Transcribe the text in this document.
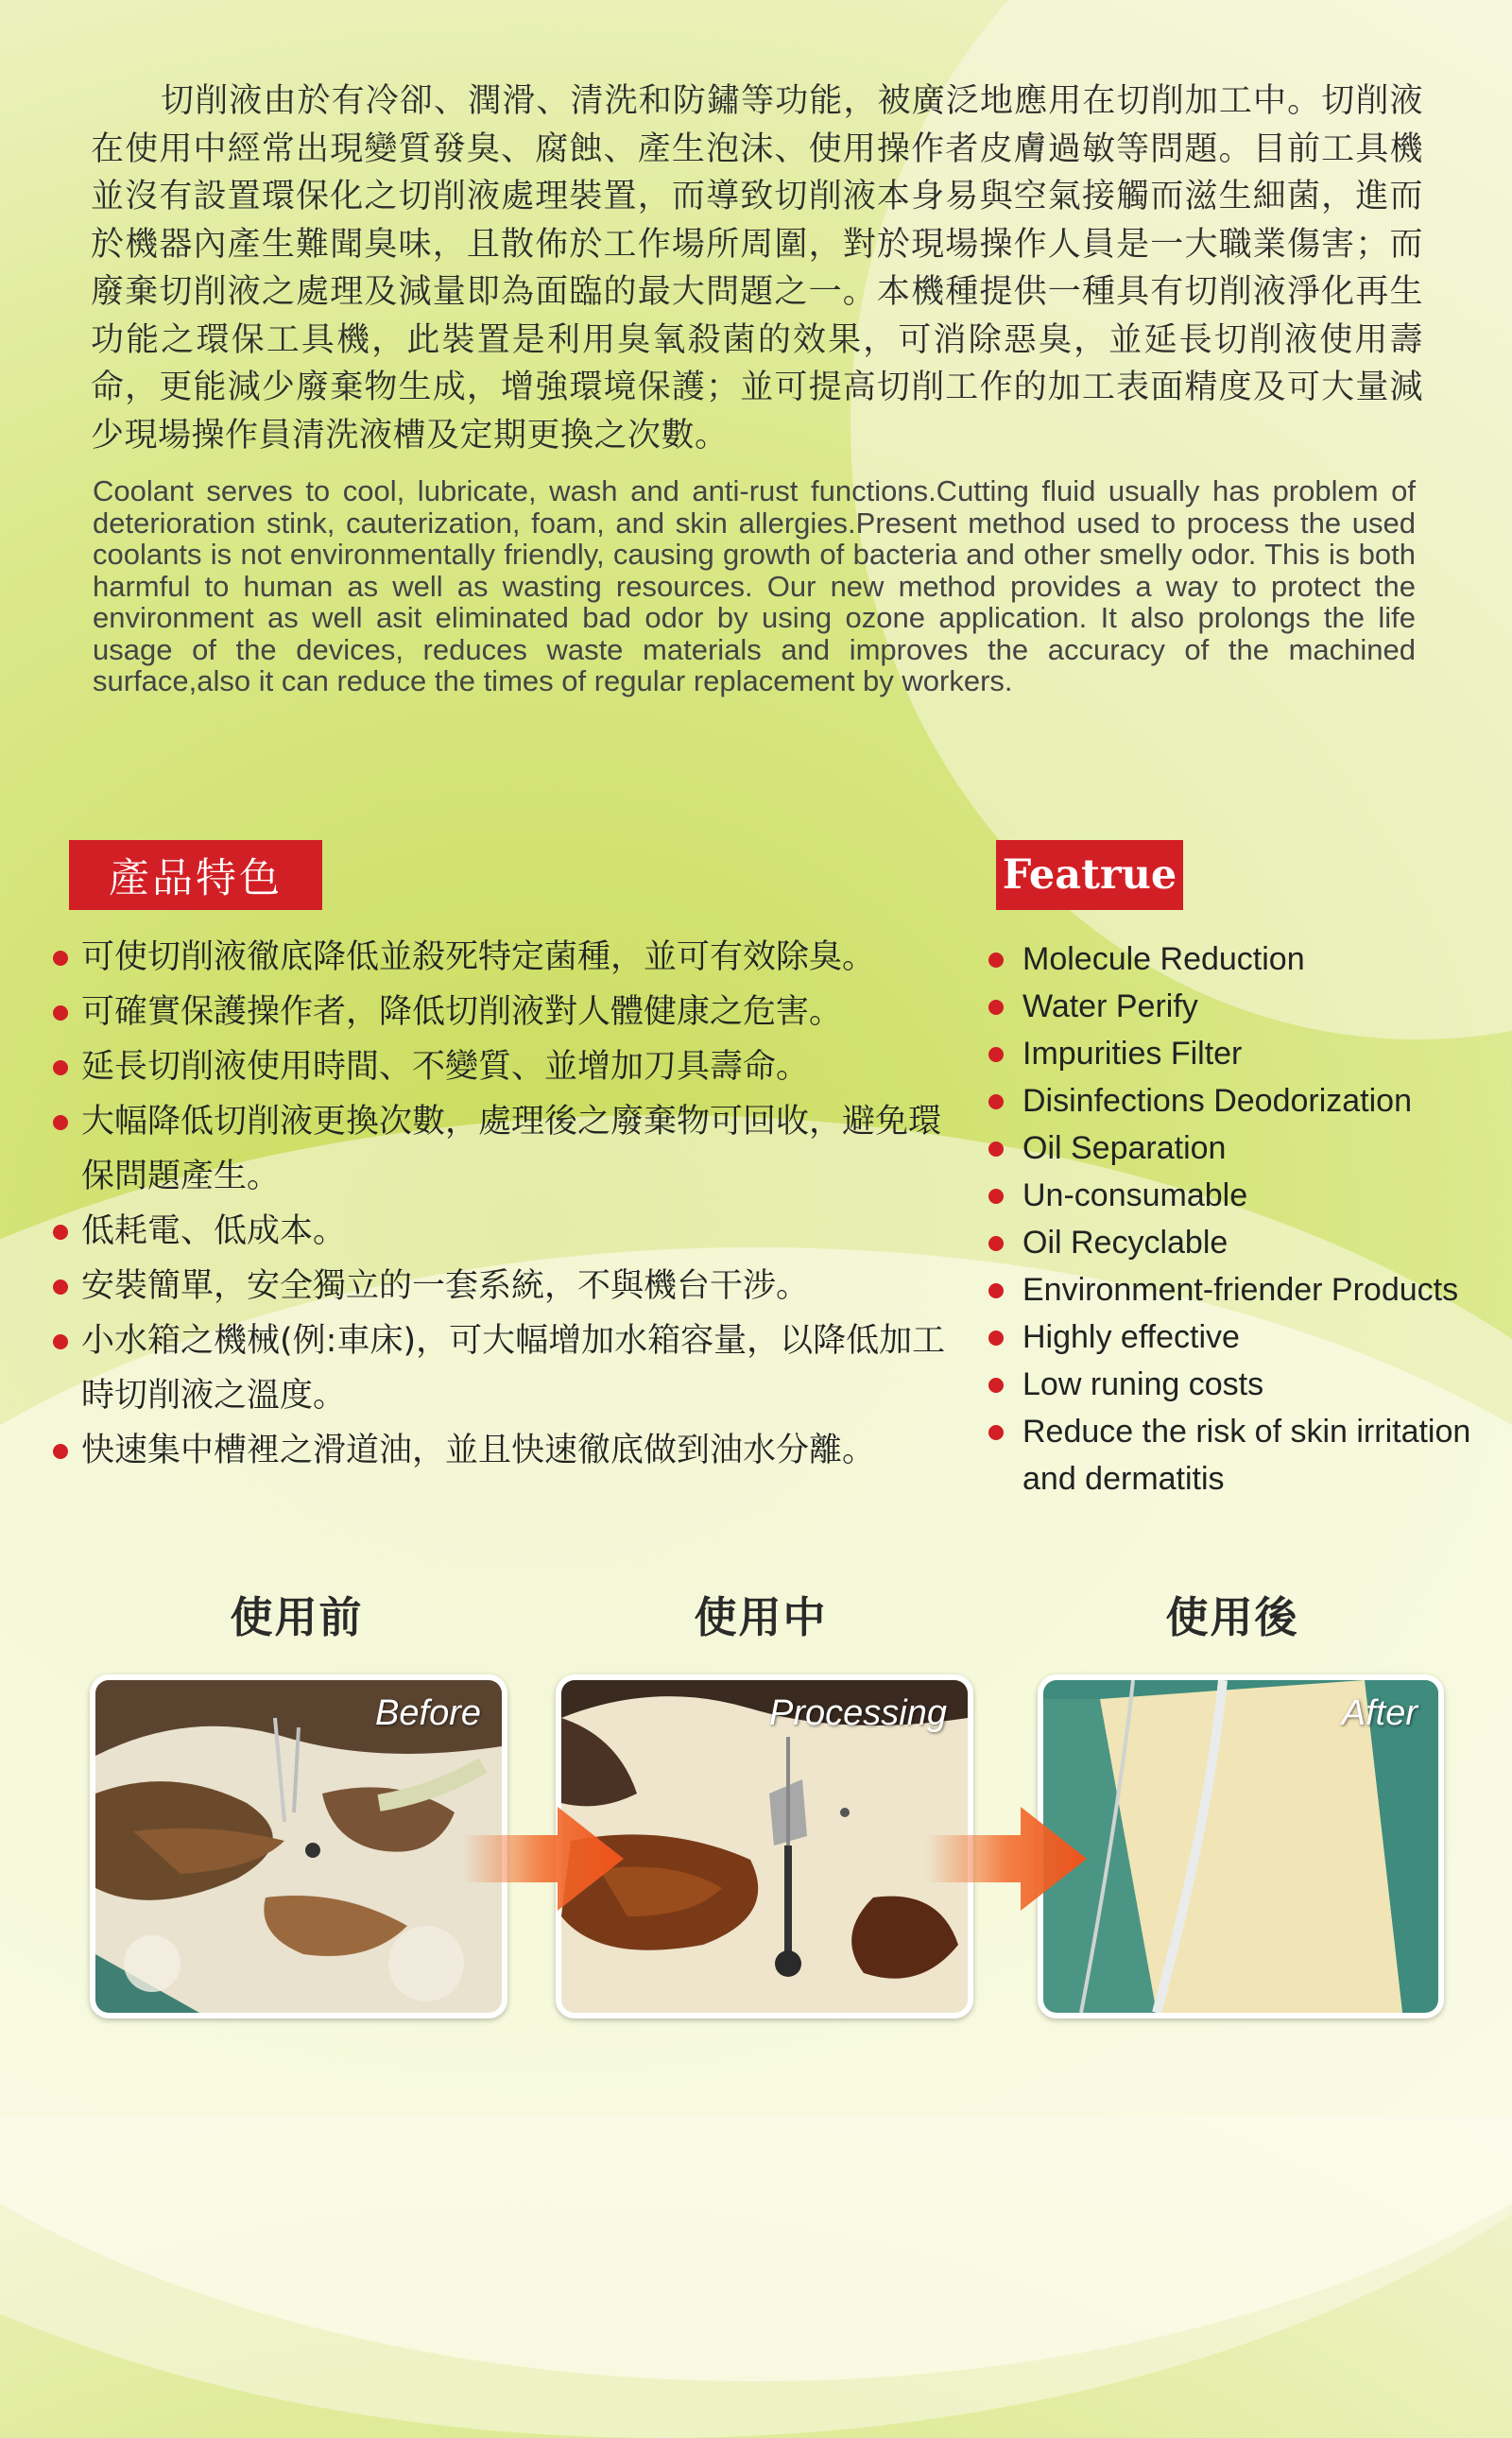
切削液由於有冷卻、潤滑、清洗和防鏽等功能，被廣泛地應用在切削加工中。切削液在使用中經常出現變質發臭、腐蝕、產生泡沫、使用操作者皮膚過敏等問題。目前工具機並沒有設置環保化之切削液處理裝置，而導致切削液本身易與空氣接觸而滋生細菌，進而於機器內產生難聞臭味，且散佈於工作場所周圍，對於現場操作人員是一大職業傷害；而廢棄切削液之處理及減量即為面臨的最大問題之一。本機種提供一種具有切削液淨化再生功能之環保工具機，此裝置是利用臭氧殺菌的效果，可消除惡臭，並延長切削液使用壽命，更能減少廢棄物生成，增強環境保護；並可提高切削工作的加工表面精度及可大量減少現場操作員清洗液槽及定期更換之次數。

Coolant serves to cool, lubricate, wash and anti-rust functions.Cutting fluid usually has problem of deterioration stink, cauterization, foam, and skin allergies.Present method used to process the used coolants is not environmentally friendly, causing growth of bacteria and other smelly odor. This is both harmful to human as well as wasting resources. Our new method provides a way to protect the environment as well asit eliminated bad odor by using ozone application. It also prolongs the life usage of the devices, reduces waste materials and improves the accuracy of the machined surface,also it can reduce the times of regular replacement by workers.

產品特色	Featrue
可使切削液徹底降低並殺死特定菌種，並可有效除臭。
可確實保護操作者，降低切削液對人體健康之危害。
延長切削液使用時間、不變質、並增加刀具壽命。
大幅降低切削液更換次數，處理後之廢棄物可回收，避免環保問題產生。
低耗電、低成本。
安裝簡單，安全獨立的一套系統，不與機台干涉。
小水箱之機械(例:車床)，可大幅增加水箱容量，以降低加工時切削液之溫度。
快速集中槽裡之滑道油，並且快速徹底做到油水分離。
Molecule Reduction
Water Perify
Impurities Filter
Disinfections Deodorization
Oil Separation
Un-consumable
Oil Recyclable
Environment-friender Products
Highly effective
Low runing costs
Reduce the risk of skin irritation and dermatitis
使用前	使用中	使用後
Before	Processing	After
